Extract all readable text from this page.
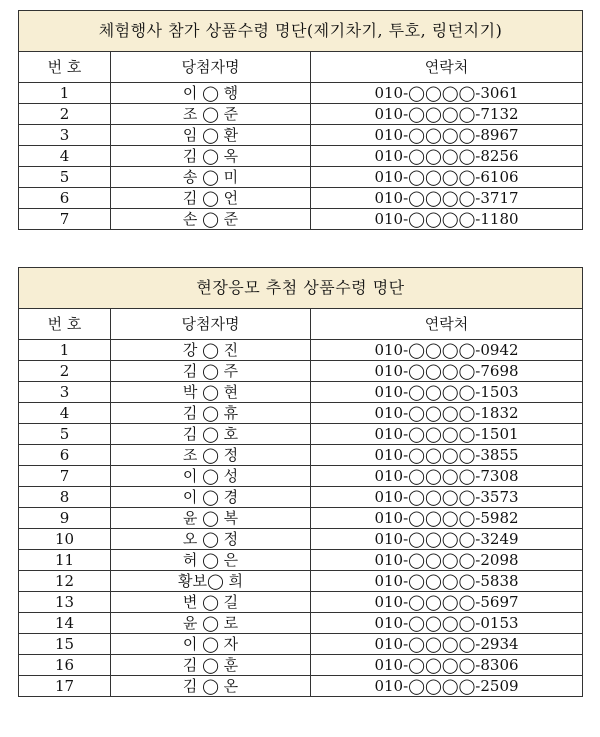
체험행사 참가 상품수령 명단(제기차기, 투호, 링던지기)		
번 호	당첨자명	연락처
1	이 ◯ 행	010-◯◯◯◯-3061
2	조 ◯ 준	010-◯◯◯◯-7132
3	임 ◯ 환	010-◯◯◯◯-8967
4	김 ◯ 옥	010-◯◯◯◯-8256
5	송 ◯ 미	010-◯◯◯◯-6106
6	김 ◯ 언	010-◯◯◯◯-3717
7	손 ◯ 준	010-◯◯◯◯-1180
현장응모 추첨 상품수령 명단		
번 호	당첨자명	연락처
1	강 ◯ 진	010-◯◯◯◯-0942
2	김 ◯ 주	010-◯◯◯◯-7698
3	박 ◯ 현	010-◯◯◯◯-1503
4	김 ◯ 휴	010-◯◯◯◯-1832
5	김 ◯ 호	010-◯◯◯◯-1501
6	조 ◯ 정	010-◯◯◯◯-3855
7	이 ◯ 성	010-◯◯◯◯-7308
8	이 ◯ 경	010-◯◯◯◯-3573
9	윤 ◯ 복	010-◯◯◯◯-5982
10	오 ◯ 정	010-◯◯◯◯-3249
11	허 ◯ 은	010-◯◯◯◯-2098
12	황보◯ 희	010-◯◯◯◯-5838
13	변 ◯ 길	010-◯◯◯◯-5697
14	윤 ◯ 로	010-◯◯◯◯-0153
15	이 ◯ 자	010-◯◯◯◯-2934
16	김 ◯ 훈	010-◯◯◯◯-8306
17	김 ◯ 온	010-◯◯◯◯-2509
